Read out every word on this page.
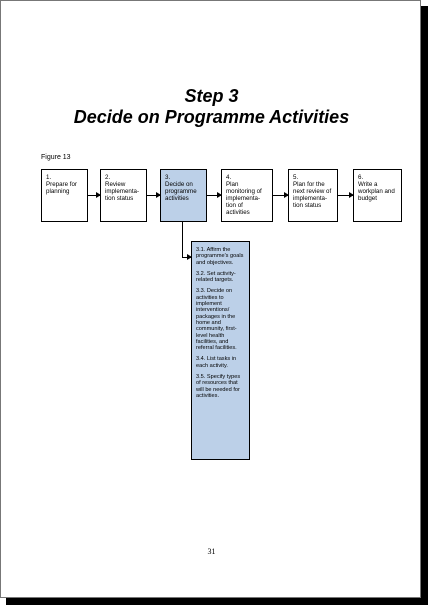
Step 3
Decide on Programme Activities
Figure 13
1.
Prepare for planning
2.
Review implementa-tion status
3.
Decide on programme activities
4.
Plan monitoring of implementa-tion of activities
5.
Plan for the next review of implementa-tion status
6.
Write a workplan and budget

3.1. Affirm the programme's goals and objectives.

3.2. Set activity-related targets.

3.3. Decide on activities to implement interventions/ packages in the home and community, first-level health facilities, and referral facilities.

3.4. List tasks in each activity.

3.5. Specify types of resources that will be needed for activities.

31
